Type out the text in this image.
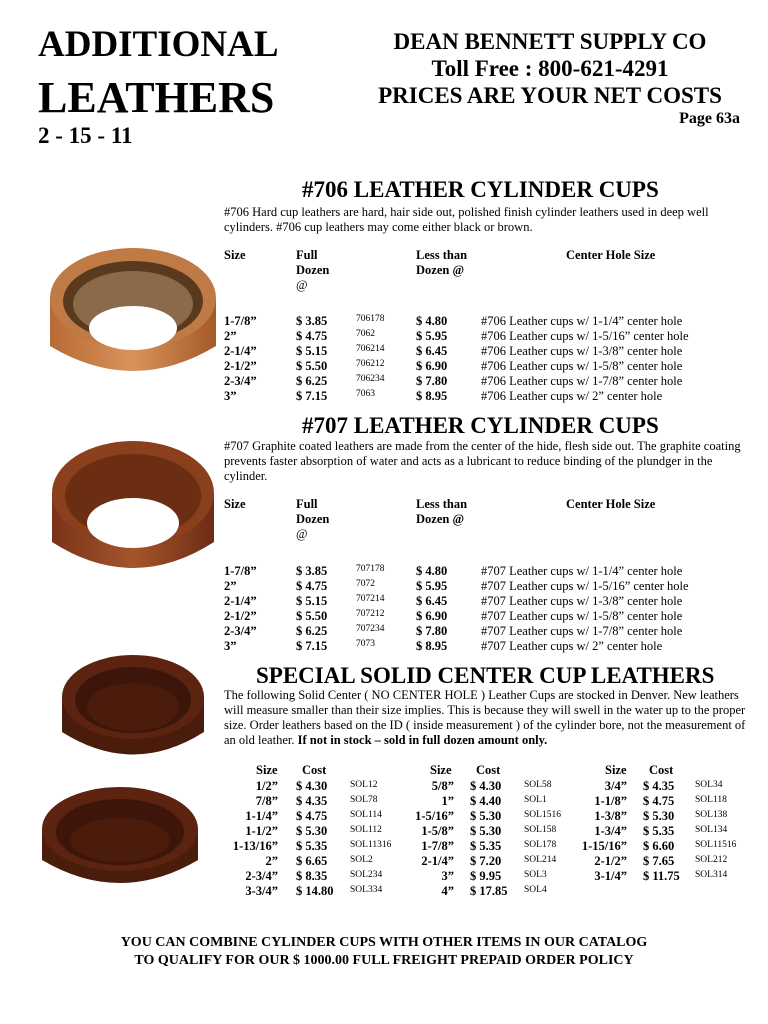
ADDITIONAL
LEATHERS
2 - 15 - 11
DEAN BENNETT SUPPLY CO
Toll Free : 800-621-4291
PRICES ARE YOUR NET COSTS
Page 63a
#706 LEATHER CYLINDER CUPS
#706 Hard cup leathers are hard, hair side out, polished finish cylinder leathers used in deep well cylinders. #706 cup leathers may come either black or brown.
Size	Full
Dozen
@
Less than
Dozen @
Center Hole Size
1-7/8”	$ 3.85	706178	$ 4.80	#706 Leather cups w/ 1-1/4” center hole
2”	$ 4.75	7062	$ 5.95	#706 Leather cups w/ 1-5/16” center hole
2-1/4”	$ 5.15	706214	$ 6.45	#706 Leather cups w/ 1-3/8” center hole
2-1/2”	$ 5.50	706212	$ 6.90	#706 Leather cups w/ 1-5/8” center hole
2-3/4”	$ 6.25	706234	$ 7.80	#706 Leather cups w/ 1-7/8” center hole
3”	$ 7.15	7063	$ 8.95	#706 Leather cups w/ 2” center hole
#707 LEATHER CYLINDER CUPS
#707 Graphite coated leathers are made from the center of the hide, flesh side out. The graphite coating prevents faster absorption of water and acts as a lubricant to reduce binding of the plundger in the cylinder.
Size	Full
Dozen
@
Less than
Dozen @
Center Hole Size
1-7/8”	$ 3.85	707178	$ 4.80	#707 Leather cups w/ 1-1/4” center hole
2”	$ 4.75	7072	$ 5.95	#707 Leather cups w/ 1-5/16” center hole
2-1/4”	$ 5.15	707214	$ 6.45	#707 Leather cups w/ 1-3/8” center hole
2-1/2”	$ 5.50	707212	$ 6.90	#707 Leather cups w/ 1-5/8” center hole
2-3/4”	$ 6.25	707234	$ 7.80	#707 Leather cups w/ 1-7/8” center hole
3”	$ 7.15	7073	$ 8.95	#707 Leather cups w/ 2” center hole
SPECIAL SOLID CENTER CUP LEATHERS
The following Solid Center ( NO CENTER HOLE ) Leather Cups are stocked in Denver. New leathers will measure smaller than their size implies. This is because they will swell in the water up to the proper size. Order leathers based on the ID ( inside measurement ) of the cylinder bore, not the measurement of an old leather. If not in stock – sold in full dozen amount only.
Size Cost	Size Cost	Size Cost
1/2” $ 4.30 SOL12
7/8” $ 4.35 SOL78
1-1/4” $ 4.75 SOL114
1-1/2” $ 5.30 SOL112
1-13/16” $ 5.35 SOL11316
2” $ 6.65 SOL2
2-3/4” $ 8.35 SOL234
3-3/4” $ 14.80 SOL334
5/8” $ 4.30 SOL58
1” $ 4.40 SOL1
1-5/16” $ 5.30 SOL1516
1-5/8” $ 5.30 SOL158
1-7/8” $ 5.35 SOL178
2-1/4” $ 7.20 SOL214
3” $ 9.95 SOL3
4” $ 17.85 SOL4
3/4” $ 4.35 SOL34
1-1/8” $ 4.75 SOL118
1-3/8” $ 5.30 SOL138
1-3/4” $ 5.35 SOL134
1-15/16” $ 6.60 SOL11516
2-1/2” $ 7.65 SOL212
3-1/4” $ 11.75 SOL314
YOU CAN COMBINE CYLINDER CUPS WITH OTHER ITEMS IN OUR CATALOG
TO QUALIFY FOR OUR $ 1000.00 FULL FREIGHT PREPAID ORDER POLICY
